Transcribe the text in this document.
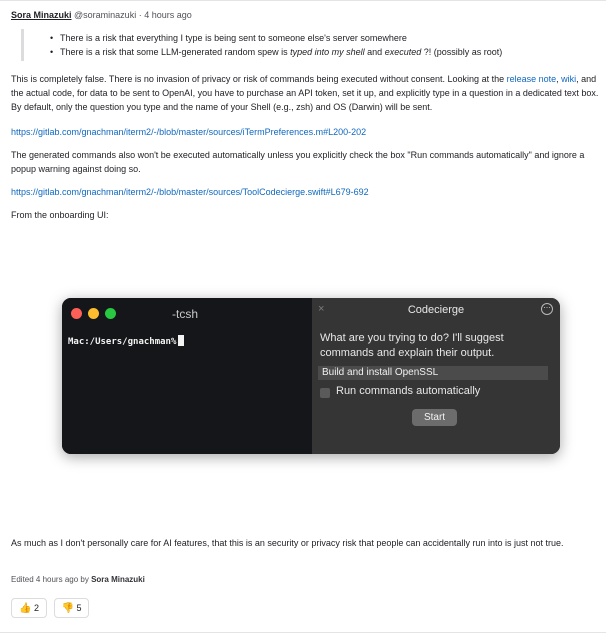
Sora Minazuki @soraminazuki · 4 hours ago
• There is a risk that everything I type is being sent to someone else's server somewhere
• There is a risk that some LLM-generated random spew is typed into my shell and executed ?! (possibly as root)

This is completely false. There is no invasion of privacy or risk of commands being executed without consent. Looking at the release note, wiki, and the actual code, for data to be sent to OpenAI, you have to purchase an API token, set it up, and explicitly type in a question in a dedicated text box. By default, only the question you type and the name of your Shell (e.g., zsh) and OS (Darwin) will be sent.

https://gitlab.com/gnachman/iterm2/-/blob/master/sources/iTermPreferences.m#L200-202

The generated commands also won't be executed automatically unless you explicitly check the box "Run commands automatically" and ignore a popup warning against doing so.

https://gitlab.com/gnachman/iterm2/-/blob/master/sources/ToolCodecierge.swift#L679-692

From the onboarding UI:

-tcsh
Mac:/Users/gnachman%
×	Codecierge	⋯
What are you trying to do? I'll suggest commands and explain their output.
Build and install OpenSSL
Run commands automatically
Start

As much as I don't personally care for AI features, that this is an security or privacy risk that people can accidentally run into is just not true.

Edited 4 hours ago by Sora Minazuki
👍 2 👎 5
